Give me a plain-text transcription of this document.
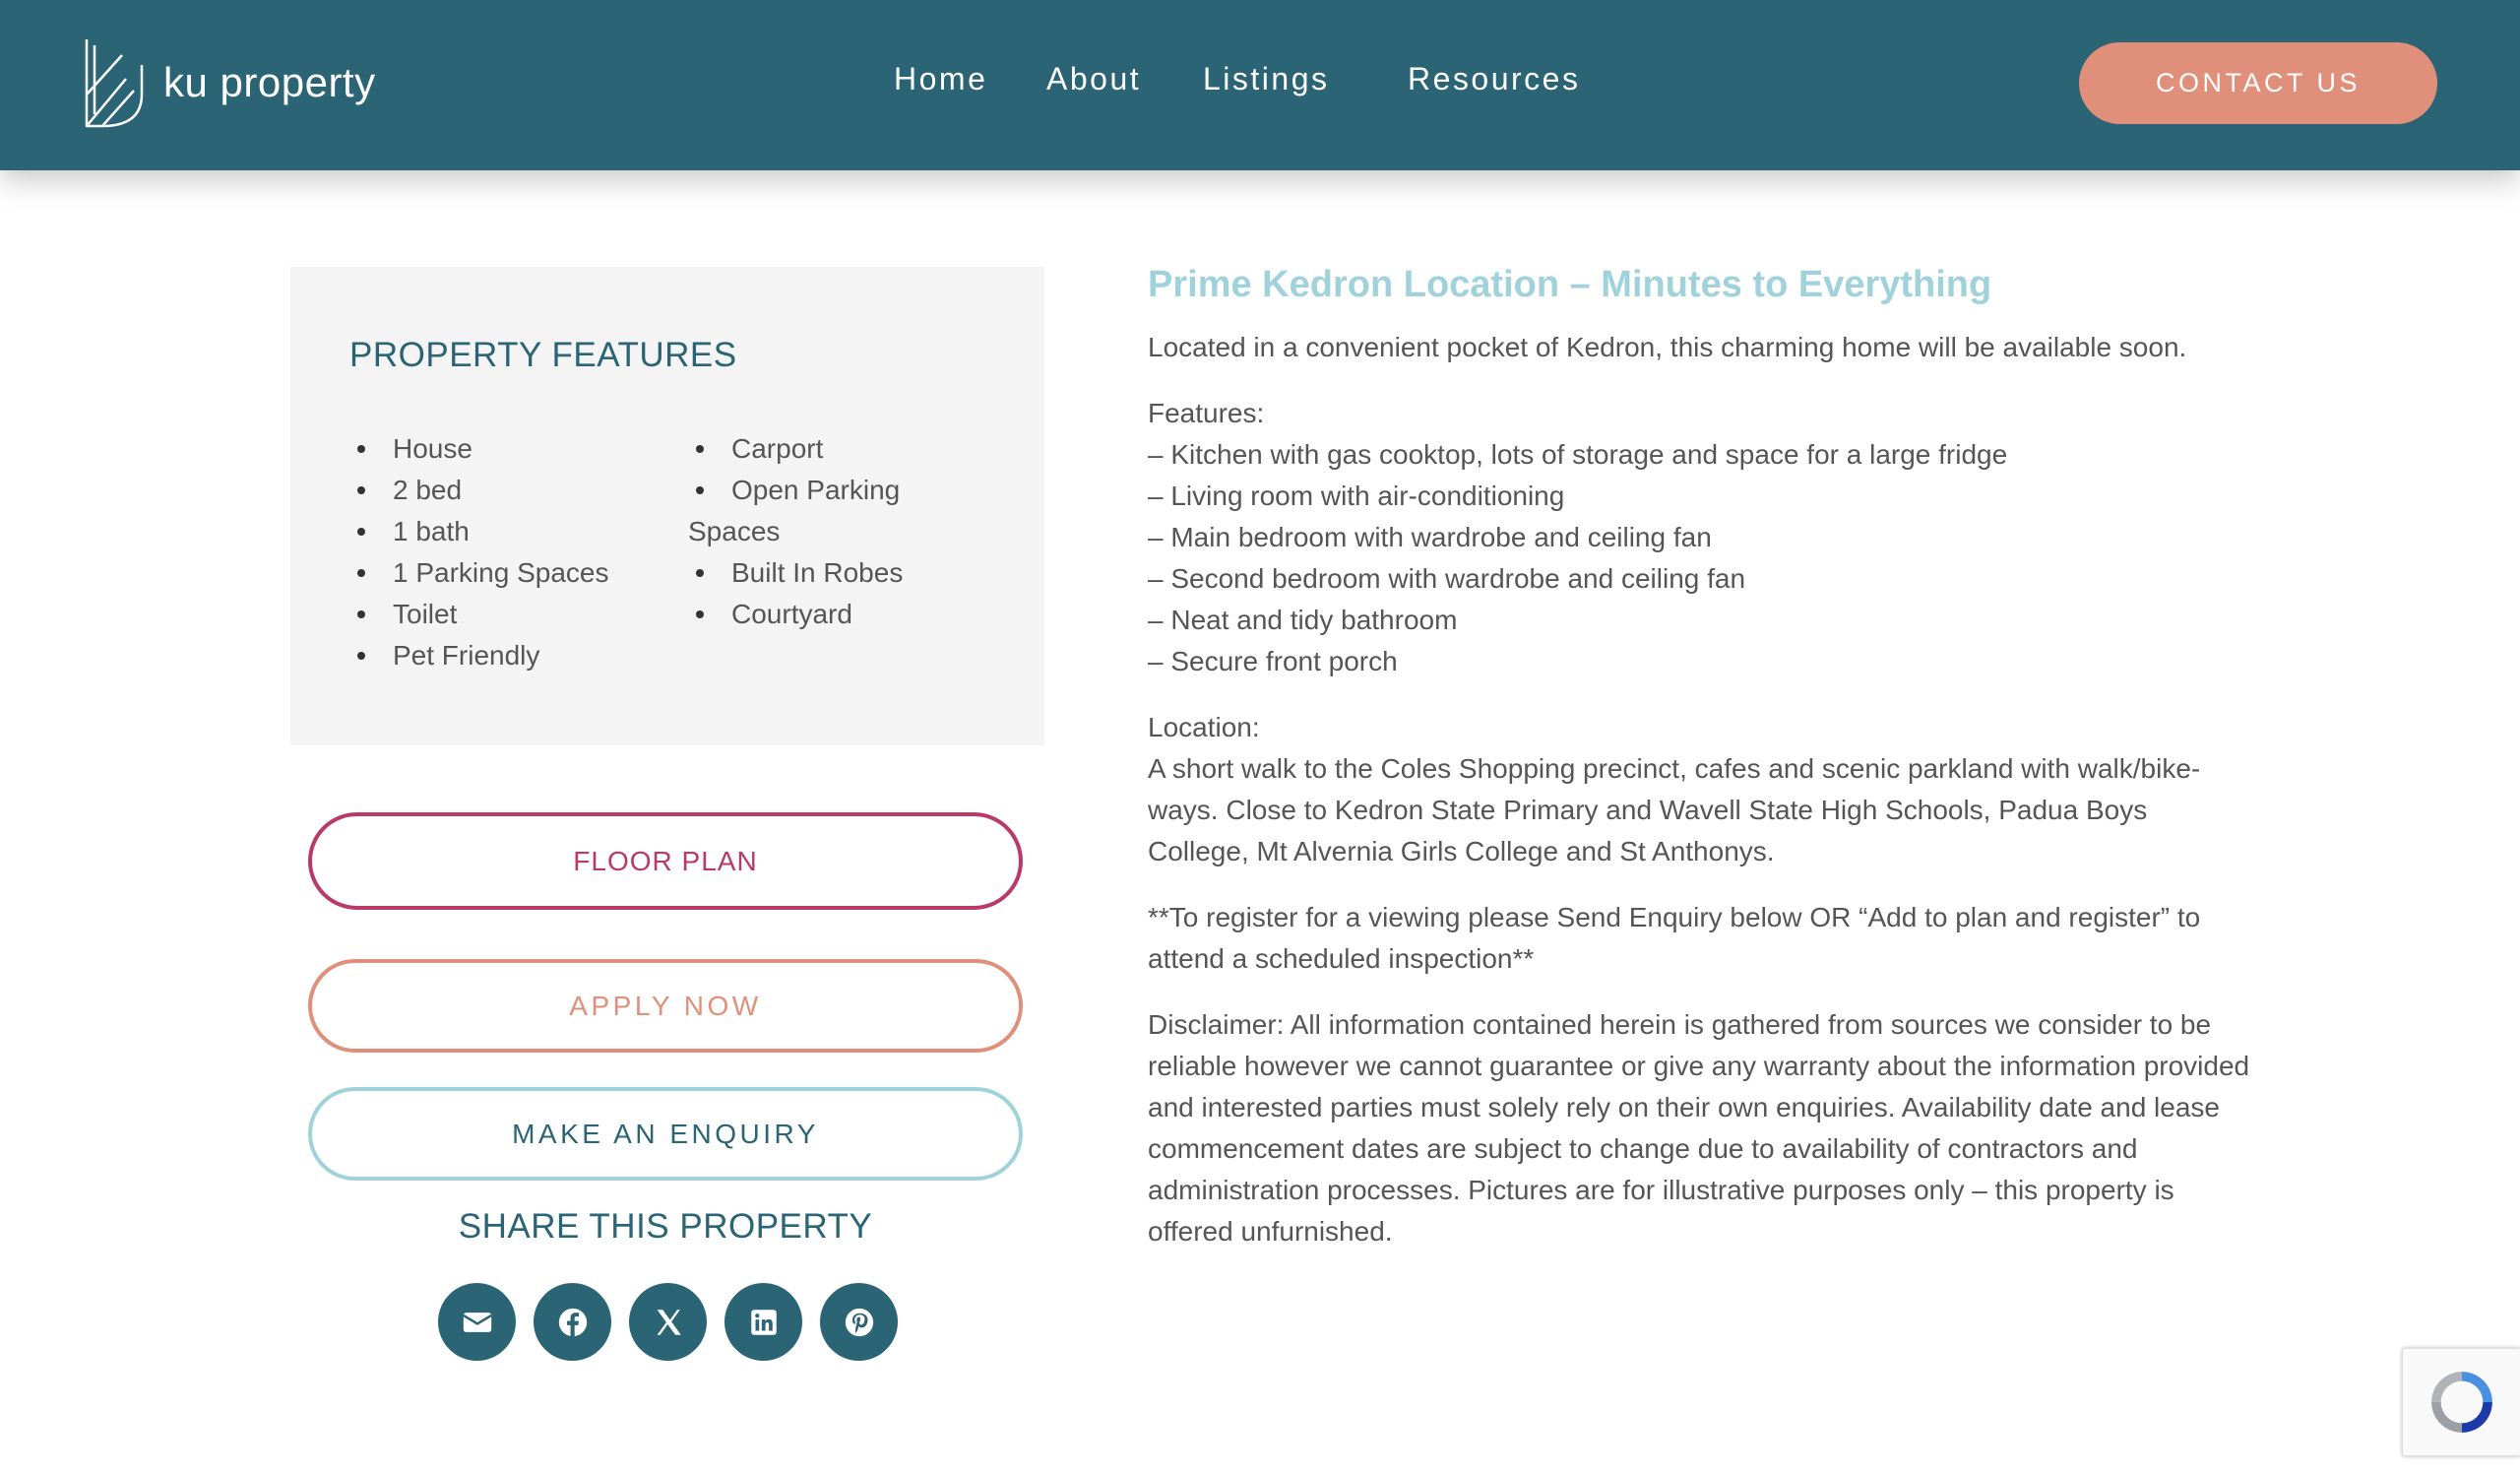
ku property	Home About Listings Resources	CONTACT US
PROPERTY FEATURES
House
2 bed
1 bath
1 Parking Spaces
Toilet
Pet Friendly
Carport
Open Parking Spaces
Built In Robes
Courtyard
FLOOR PLAN
APPLY NOW
MAKE AN ENQUIRY
SHARE THIS PROPERTY
Prime Kedron Location – Minutes to Everything

Located in a convenient pocket of Kedron, this charming home will be available soon.

Features:

– Kitchen with gas cooktop, lots of storage and space for a large fridge

– Living room with air-conditioning

– Main bedroom with wardrobe and ceiling fan

– Second bedroom with wardrobe and ceiling fan

– Neat and tidy bathroom

– Secure front porch

Location:

A short walk to the Coles Shopping precinct, cafes and scenic parkland with walk/bike-ways. Close to Kedron State Primary and Wavell State High Schools, Padua Boys College, Mt Alvernia Girls College and St Anthonys.

**To register for a viewing please Send Enquiry below OR “Add to plan and register” to attend a scheduled inspection**

Disclaimer: All information contained herein is gathered from sources we consider to be reliable however we cannot guarantee or give any warranty about the information provided and interested parties must solely rely on their own enquiries. Availability date and lease commencement dates are subject to change due to availability of contractors and administration processes. Pictures are for illustrative purposes only – this property is offered unfurnished.
